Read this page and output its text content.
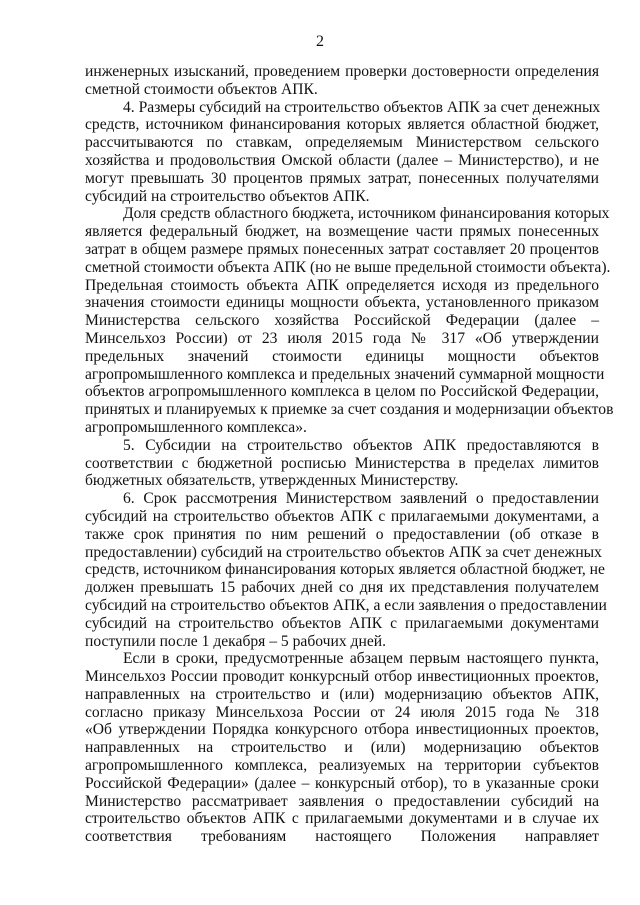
2
инженерных изысканий, проведением проверки достоверности определения
сметной стоимости объектов АПК.
4. Размеры субсидий на строительство объектов АПК за счет денежных
средств, источником финансирования которых является областной бюджет,
рассчитываются по ставкам, определяемым Министерством сельского
хозяйства и продовольствия Омской области (далее – Министерство), и не
могут превышать 30 процентов прямых затрат, понесенных получателями
субсидий на строительство объектов АПК.
Доля средств областного бюджета, источником финансирования которых
является федеральный бюджет, на возмещение части прямых понесенных
затрат в общем размере прямых понесенных затрат составляет 20 процентов
сметной стоимости объекта АПК (но не выше предельной стоимости объекта).
Предельная стоимость объекта АПК определяется исходя из предельного
значения стоимости единицы мощности объекта, установленного приказом
Министерства сельского хозяйства Российской Федерации (далее –
Минсельхоз России) от 23 июля 2015 года № 317 «Об утверждении
предельных значений стоимости единицы мощности объектов
агропромышленного комплекса и предельных значений суммарной мощности
объектов агропромышленного комплекса в целом по Российской Федерации,
принятых и планируемых к приемке за счет создания и модернизации объектов
агропромышленного комплекса».
5. Субсидии на строительство объектов АПК предоставляются в
соответствии с бюджетной росписью Министерства в пределах лимитов
бюджетных обязательств, утвержденных Министерству.
6. Срок рассмотрения Министерством заявлений о предоставлении
субсидий на строительство объектов АПК с прилагаемыми документами, а
также срок принятия по ним решений о предоставлении (об отказе в
предоставлении) субсидий на строительство объектов АПК за счет денежных
средств, источником финансирования которых является областной бюджет, не
должен превышать 15 рабочих дней со дня их представления получателем
субсидий на строительство объектов АПК, а если заявления о предоставлении
субсидий на строительство объектов АПК с прилагаемыми документами
поступили после 1 декабря – 5 рабочих дней.
Если в сроки, предусмотренные абзацем первым настоящего пункта,
Минсельхоз России проводит конкурсный отбор инвестиционных проектов,
направленных на строительство и (или) модернизацию объектов АПК,
согласно приказу Минсельхоза России от 24 июля 2015 года № 318
«Об утверждении Порядка конкурсного отбора инвестиционных проектов,
направленных на строительство и (или) модернизацию объектов
агропромышленного комплекса, реализуемых на территории субъектов
Российской Федерации» (далее – конкурсный отбор), то в указанные сроки
Министерство рассматривает заявления о предоставлении субсидий на
строительство объектов АПК с прилагаемыми документами и в случае их
соответствия требованиям настоящего Положения направляет
